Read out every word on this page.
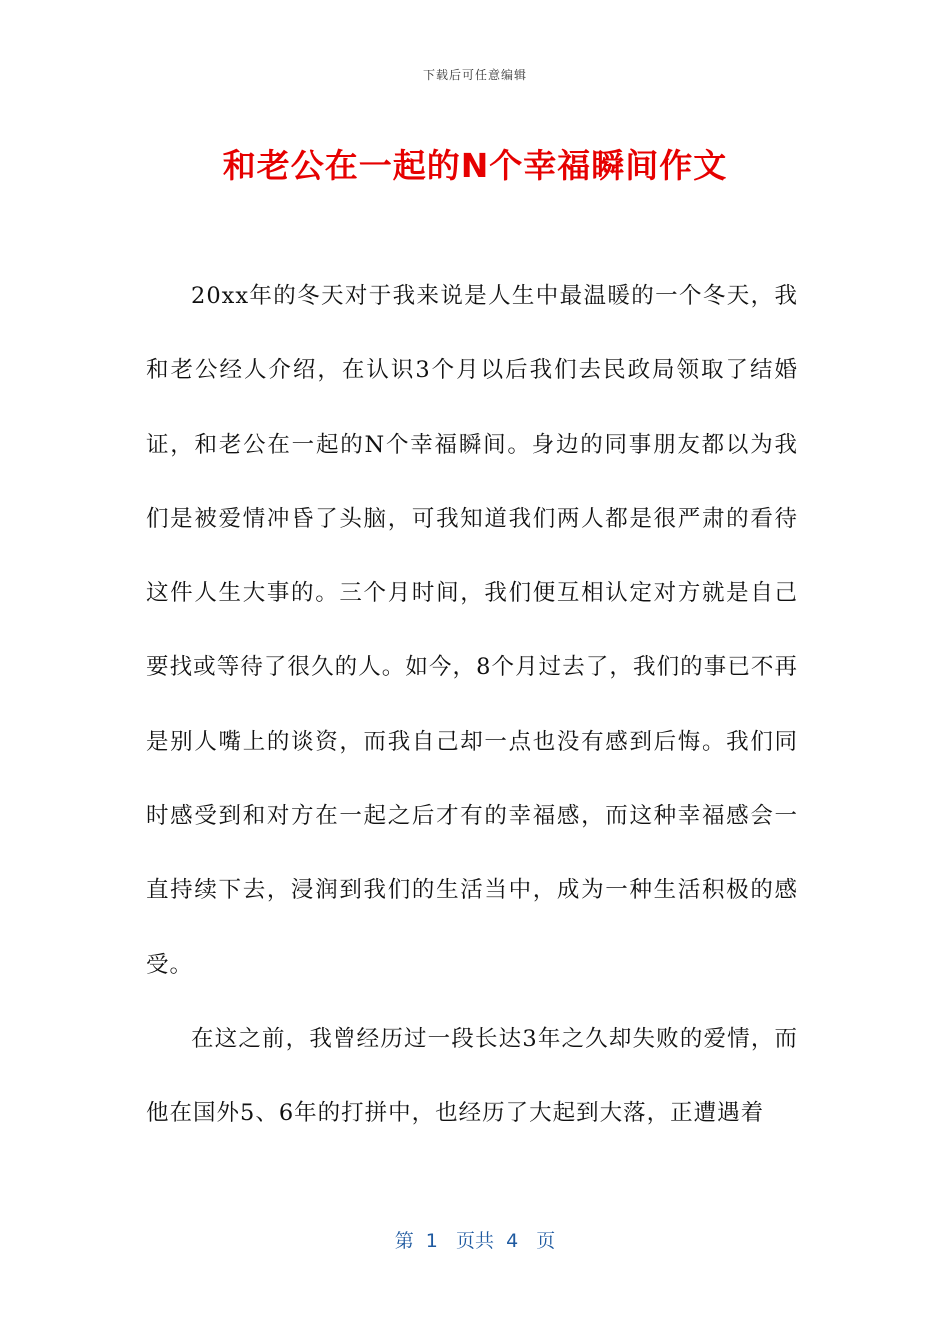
下载后可任意编辑
和老公在一起的N个幸福瞬间作文

20xx年的冬天对于我来说是人生中最温暖的一个冬天，我和老公经人介绍，在认识3个月以后我们去民政局领取了结婚证，和老公在一起的N个幸福瞬间。身边的同事朋友都以为我们是被爱情冲昏了头脑，可我知道我们两人都是很严肃的看待这件人生大事的。三个月时间，我们便互相认定对方就是自己要找或等待了很久的人。如今，8个月过去了，我们的事已不再是别人嘴上的谈资，而我自己却一点也没有感到后悔。我们同时感受到和对方在一起之后才有的幸福感，而这种幸福感会一直持续下去，浸润到我们的生活当中，成为一种生活积极的感受。

在这之前，我曾经历过一段长达3年之久却失败的爱情，而他在国外5、6年的打拼中，也经历了大起到大落，正遭遇着

第  1   页共  4   页
